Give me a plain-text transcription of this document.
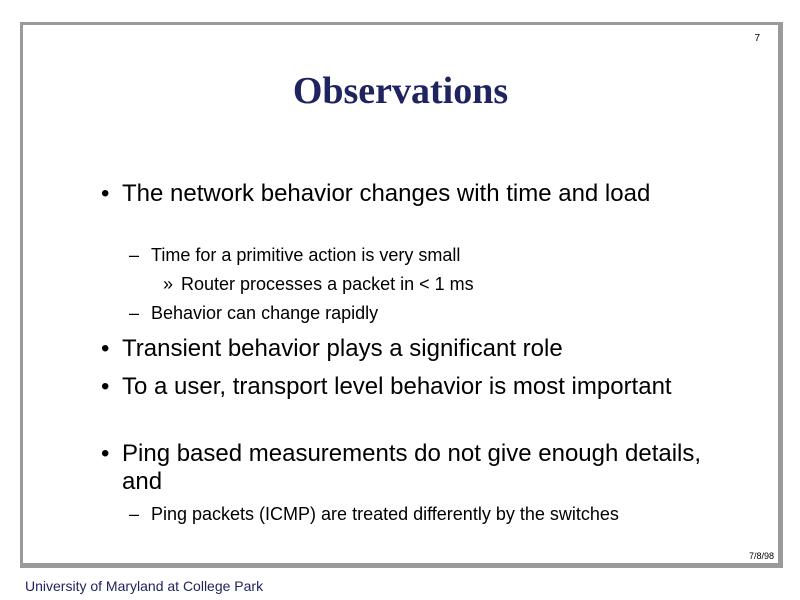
7
Observations
• The network behavior changes with time and load
– Time for a primitive action is very small
» Router processes a packet in < 1 ms
– Behavior can change rapidly
• Transient behavior plays a significant role
• To a user, transport level behavior is most important
• Ping based measurements do not give enough details, and
– Ping packets (ICMP) are treated differently by the switches
7/8/98
University of Maryland at College Park
